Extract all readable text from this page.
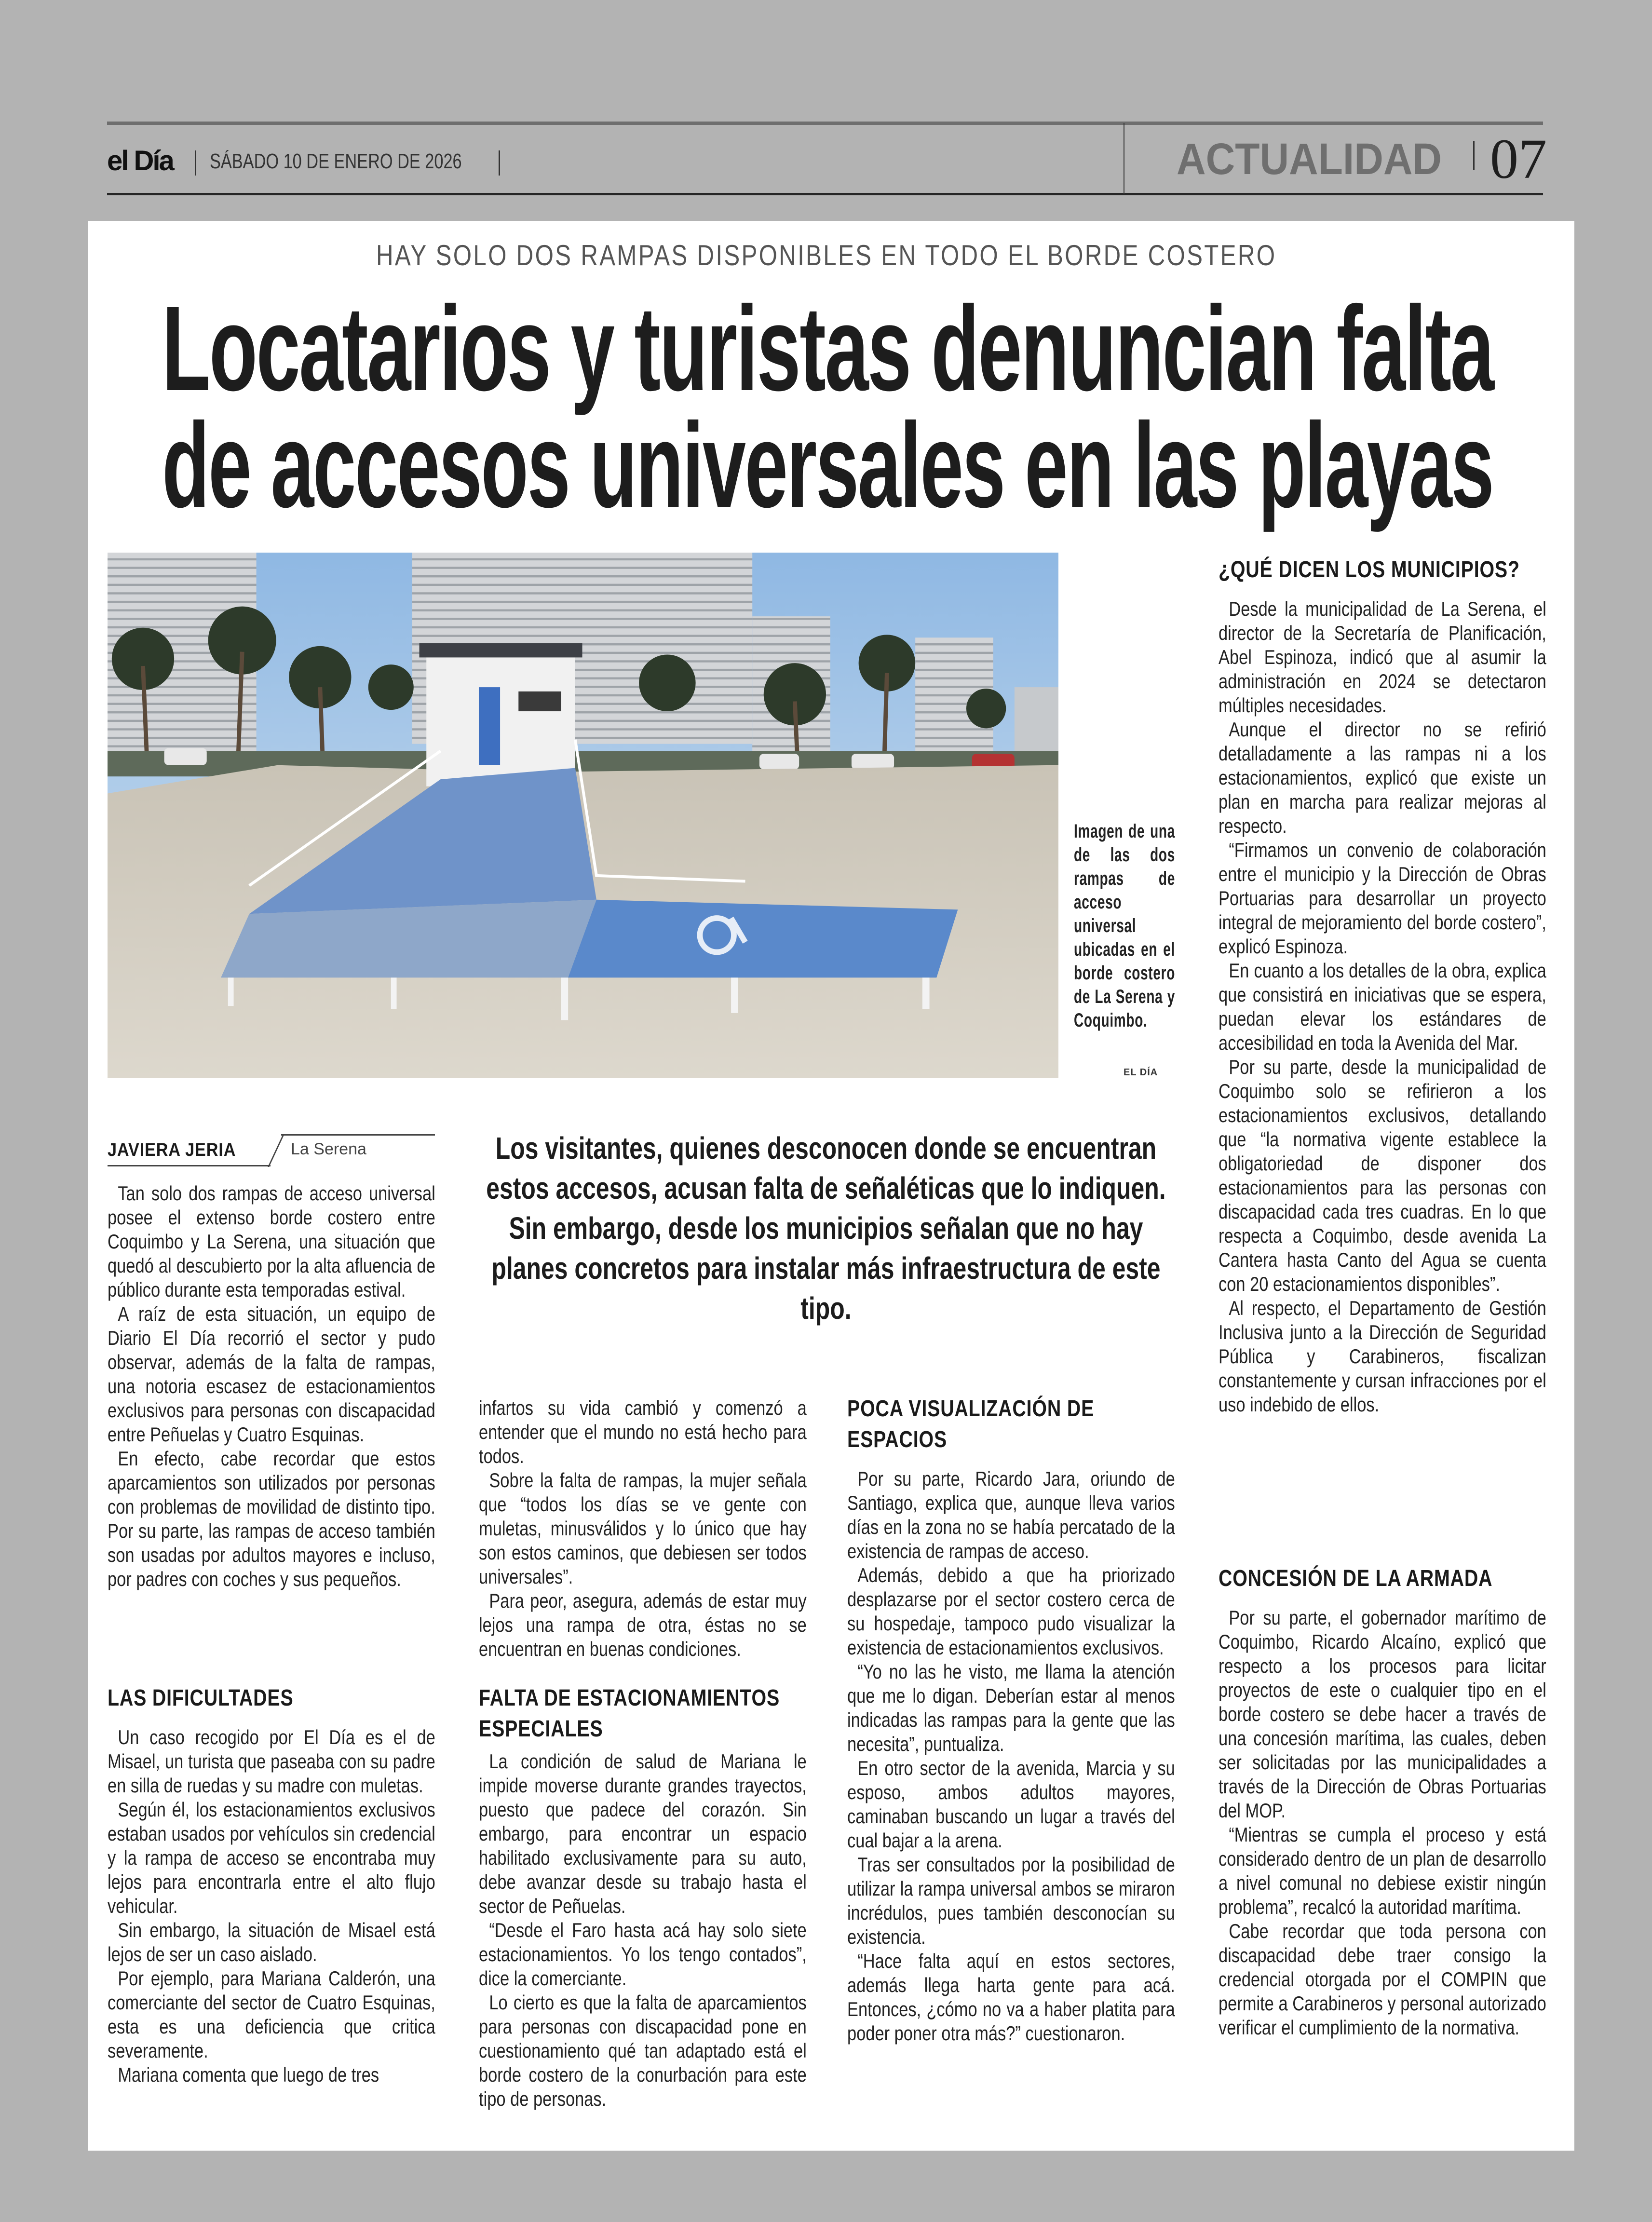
el Día SÁBADO 10 DE ENERO DE 2026	ACTUALIDAD 07
HAY SOLO DOS RAMPAS DISPONIBLES EN TODO EL BORDE COSTERO
Locatarios y turistas denuncian falta
de accesos universales en las playas
Imagen de una de las dos rampas de acceso universal ubicadas en el borde costero de La Serena y Coquimbo.
EL DÍA
JAVIERA JERIA	La Serena	Los visitantes, quienes desconocen donde se encuentran estos accesos, acusan falta de señaléticas que lo indiquen. Sin embargo, desde los municipios señalan que no hay planes concretos para instalar más infraestructura de este tipo.

Tan solo dos rampas de acceso universal posee el extenso borde costero entre Coquimbo y La Serena, una situación que quedó al descubierto por la alta afluencia de público durante esta temporadas estival.

A raíz de esta situación, un equipo de Diario El Día recorrió el sector y pudo observar, además de la falta de rampas, una notoria escasez de estacionamientos exclusivos para personas con discapacidad entre Peñuelas y Cuatro Esquinas.

En efecto, cabe recordar que estos aparcamientos son utilizados por personas con problemas de movilidad de distinto tipo. Por su parte, las rampas de acceso también son usadas por adultos mayores e incluso, por padres con coches y sus pequeños.

LAS DIFICULTADES

Un caso recogido por El Día es el de Misael, un turista que paseaba con su padre en silla de ruedas y su madre con muletas.

Según él, los estacionamientos exclusivos estaban usados por vehículos sin credencial y la rampa de acceso se encontraba muy lejos para encontrarla entre el alto flujo vehicular.

Sin embargo, la situación de Misael está lejos de ser un caso aislado.

Por ejemplo, para Mariana Calderón, una comerciante del sector de Cuatro Esquinas, esta es una deficiencia que critica severamente.

Mariana comenta que luego de tres

infartos su vida cambió y comenzó a entender que el mundo no está hecho para todos.

Sobre la falta de rampas, la mujer señala que “todos los días se ve gente con muletas, minusválidos y lo único que hay son estos caminos, que debiesen ser todos universales”.

Para peor, asegura, además de estar muy lejos una rampa de otra, éstas no se encuentran en buenas condiciones.

FALTA DE ESTACIONAMIENTOS ESPECIALES

La condición de salud de Mariana le impide moverse durante grandes trayectos, puesto que padece del corazón. Sin embargo, para encontrar un espacio habilitado exclusivamente para su auto, debe avanzar desde su trabajo hasta el sector de Peñuelas.

“Desde el Faro hasta acá hay solo siete estacionamientos. Yo los tengo contados”, dice la comerciante.

Lo cierto es que la falta de aparcamientos para personas con discapacidad pone en cuestionamiento qué tan adaptado está el borde costero de la conurbación para este tipo de personas.

POCA VISUALIZACIÓN DE ESPACIOS

Por su parte, Ricardo Jara, oriundo de Santiago, explica que, aunque lleva varios días en la zona no se había percatado de la existencia de rampas de acceso.

Además, debido a que ha priorizado desplazarse por el sector costero cerca de su hospedaje, tampoco pudo visualizar la existencia de estacionamientos exclusivos.

“Yo no las he visto, me llama la atención que me lo digan. Deberían estar al menos indicadas las rampas para la gente que las necesita”, puntualiza.

En otro sector de la avenida, Marcia y su esposo, ambos adultos mayores, caminaban buscando un lugar a través del cual bajar a la arena.

Tras ser consultados por la posibilidad de utilizar la rampa universal ambos se miraron incrédulos, pues también desconocían su existencia.

“Hace falta aquí en estos sectores, además llega harta gente para acá. Entonces, ¿cómo no va a haber platita para poder poner otra más?” cuestionaron.

¿QUÉ DICEN LOS MUNICIPIOS?

Desde la municipalidad de La Serena, el director de la Secretaría de Planificación, Abel Espinoza, indicó que al asumir la administración en 2024 se detectaron múltiples necesidades.

Aunque el director no se refirió detalladamente a las rampas ni a los estacionamientos, explicó que existe un plan en marcha para realizar mejoras al respecto.

“Firmamos un convenio de colaboración entre el municipio y la Dirección de Obras Portuarias para desarrollar un proyecto integral de mejoramiento del borde costero”, explicó Espinoza.

En cuanto a los detalles de la obra, explica que consistirá en iniciativas que se espera, puedan elevar los estándares de accesibilidad en toda la Avenida del Mar.

Por su parte, desde la municipalidad de Coquimbo solo se refirieron a los estacionamientos exclusivos, detallando que “la normativa vigente establece la obligatoriedad de disponer dos estacionamientos para las personas con discapacidad cada tres cuadras. En lo que respecta a Coquimbo, desde avenida La Cantera hasta Canto del Agua se cuenta con 20 estacionamientos disponibles”.

Al respecto, el Departamento de Gestión Inclusiva junto a la Dirección de Seguridad Pública y Carabineros, fiscalizan constantemente y cursan infracciones por el uso indebido de ellos.

CONCESIÓN DE LA ARMADA

Por su parte, el gobernador marítimo de Coquimbo, Ricardo Alcaíno, explicó que respecto a los procesos para licitar proyectos de este o cualquier tipo en el borde costero se debe hacer a través de una concesión marítima, las cuales, deben ser solicitadas por las municipalidades a través de la Dirección de Obras Portuarias del MOP.

“Mientras se cumpla el proceso y está considerado dentro de un plan de desarrollo a nivel comunal no debiese existir ningún problema”, recalcó la autoridad marítima.

Cabe recordar que toda persona con discapacidad debe traer consigo la credencial otorgada por el COMPIN que permite a Carabineros y personal autorizado verificar el cumplimiento de la normativa.
